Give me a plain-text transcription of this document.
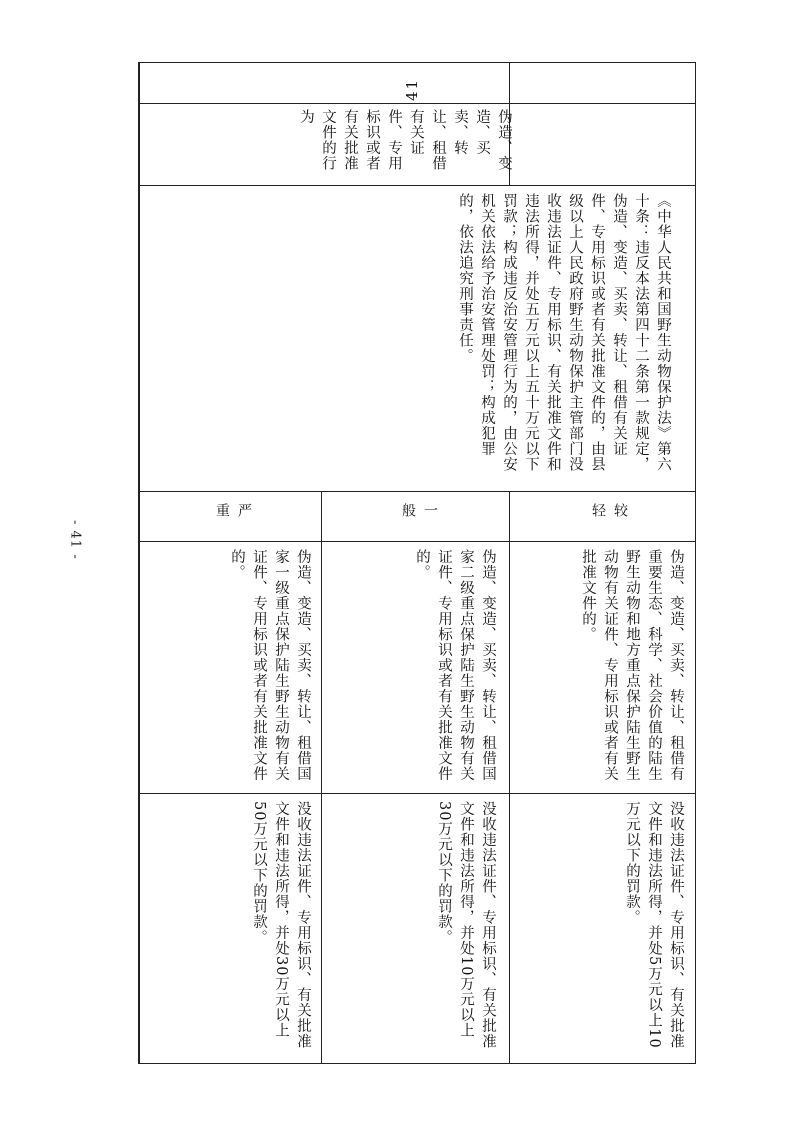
- 41 -
41
伪造、变造、买卖、转让、租借有关证件、专用标识或者有关批准文件的行为
《中华人民共和国野生动物保护法》第六十条：违反本法第四十二条第一款规定，伪造、变造、买卖、转让、租借有关证件、专用标识或者有关批准文件的，由县级以上人民政府野生动物保护主管部门没收违法证件、专用标识、有关批准文件和违法所得，并处五万元以上五十万元以下罚款；构成违反治安管理行为的，由公安机关依法给予治安管理处罚；构成犯罪的，依法追究刑事责任。
较轻
一般
严重
伪造、变造、买卖、转让、租借有重要生态、科学、社会价值的陆生野生动物和地方重点保护陆生野生动物有关证件、专用标识或者有关批准文件的。
伪造、变造、买卖、转让、租借国家二级重点保护陆生野生动物有关证件、专用标识或者有关批准文件的。
伪造、变造、买卖、转让、租借国家一级重点保护陆生野生动物有关证件、专用标识或者有关批准文件的。
没收违法证件、专用标识、有关批准文件和违法所得，并处5万元以上10万元以下的罚款。
没收违法证件、专用标识、有关批准文件和违法所得，并处10万元以上30万元以下的罚款。
没收违法证件、专用标识、有关批准文件和违法所得，并处30万元以上50万元以下的罚款。
